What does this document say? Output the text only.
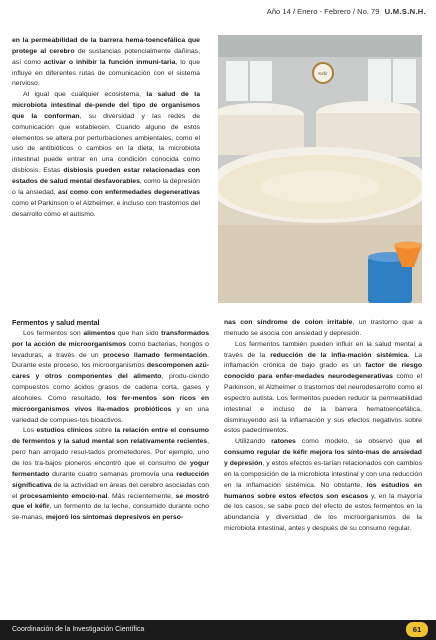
Año 14 / Enero - Febrero / No. 79 U.M.S.N.H.

en la permeabilidad de la barrera hema-toencefálica que protege al cerebro de sustancias potencialmente dañinas, así como activar o inhibir la función inmuni-taria, lo que influye en diferentes rutas de comunicación con el sistema nervioso.

Al igual que cualquier ecosistema, la salud de la microbiota intestinal de-pende del tipo de organismos que la conforman, su diversidad y las redes de comunicación que establecen. Cuando alguno de estos elementos se altera por perturbaciones ambientales, como el uso de antibióticos o cambios en la dieta, la microbiota intestinal puede entrar en una condición conocida como disbiosis. Estas disbiosis pueden estar relacionadas con estados de salud mental desfavorables, como la depresión o la ansiedad, así como con enfermedades degenerativas como el Parkinson o el Alzheimer, e incluso con trastornos del desarrollo como el autismo.

Kefir
Fermentos y salud mental

Los fermentos son alimentos que han sido transformados por la acción de microorganismos como bacterias, hongos o levaduras, a través de un proceso llamado fermentación. Durante este proceso, los microorganismos descomponen azú-cares y otros componentes del alimento, produ-ciendo compuestos como ácidos grasos de cadena corta, gases y alcoholes. Como resultado, los fer-mentos son ricos en microorganismos vivos lla-mados probióticos y en una variedad de compues-tos bioactivos.

Los estudios clínicos sobre la relación entre el consumo de fermentos y la salud mental son relativamente recientes, pero han arrojado resul-tados prometedores. Por ejemplo, uno de los tra-bajos pioneros encontró que el consumo de yogur fermentado durante cuatro semanas promovía una reducción significativa de la actividad en áreas del cerebro asociadas con el procesamiento emocio-nal. Más recientemente, se mostró que el kéfir, un fermento de la leche, consumido durante ocho se-manas, mejoró los síntomas depresivos en perso-

nas con síndrome de colon irritable, un trastorno que a menudo se asocia con ansiedad y depresión.

Los fermentos también pueden influir en la salud mental a través de la reducción de la infla-mación sistémica. La inflamación crónica de bajo grado es un factor de riesgo conocido para enfer-medades neurodegenerativas como el Parkinson, el Alzheimer o trastornos del neurodesarrollo como el espectro autista. Los fermentos pueden reducir la permeabilidad intestinal e incluso de la barrera hematoencefálica, disminuyendo así la inflamación y sus efectos negativos sobre estos padecimientos.

Utilizando ratones como modelo, se observó que el consumo regular de kéfir mejora los sínto-mas de ansiedad y depresión, y estos efectos es-tarían relacionados con cambios en la composición de la microbiota intestinal y con una reducción en la inflamación sistémica. No obstante, los estudios en humanos sobre estos efectos son escasos y, en la mayoría de los casos, se sabe poco del efecto de estos fermentos en la abundancia y diversidad de los microorganismos de la microbiota intestinal, antes y después de su consumo regular.

Coordinación de la Investigación Científica	61
